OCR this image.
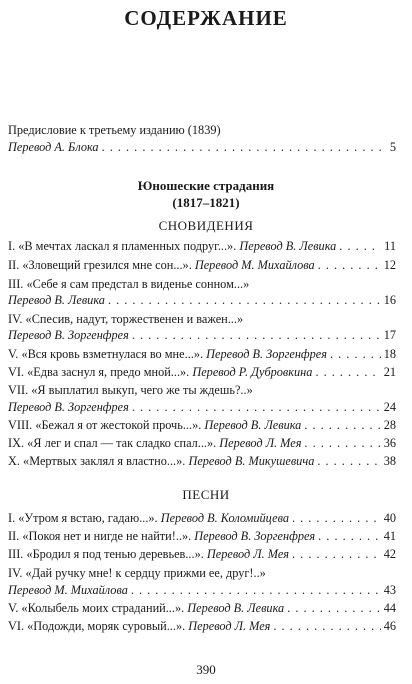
СОДЕРЖАНИЕ
Предисловие к третьему изданию (1839)
Перевод А. Блока . . .	5
Юношеские страдания
(1817–1821)
СНОВИДЕНИЯ
I. «В мечтах ласкал я пламенных подруг...». Перевод В. Левика . . .	11
II. «Зловещий грезился мне сон...». Перевод М. Михайлова . . .	12
III. «Себе я сам предстал в виденье сонном...»
Перевод В. Левика . . .	16
IV. «Спесив, надут, торжественен и важен...»
Перевод В. Зоргенфрея . . .	17
V. «Вся кровь взметнулася во мне...». Перевод В. Зоргенфрея . . .	18
VI. «Едва заснул я, предо мной...». Перевод Р. Дубровкина . . .	21
VII. «Я выплатил выкуп, чего же ты ждешь?..»
Перевод В. Зоргенфрея . . .	24
VIII. «Бежал я от жестокой прочь...». Перевод В. Левика . . .	28
IX. «Я лег и спал — так сладко спал...». Перевод Л. Мея . . .	36
X. «Мертвых заклял я властно...». Перевод В. Микушевича . . .	38
ПЕСНИ
I. «Утром я встаю, гадаю...». Перевод В. Коломийцева . . .	40
II. «Покоя нет и нигде не найти!..». Перевод В. Зоргенфрея . . .	41
III. «Бродил я под тенью деревьев...». Перевод Л. Мея . . .	42
IV. «Дай ручку мне! к сердцу прижми ее, друг!..»
Перевод М. Михайлова . . .	43
V. «Колыбель моих страданий...». Перевод В. Левика . . .	44
VI. «Подожди, моряк суровый...». Перевод Л. Мея . . .	46
390
